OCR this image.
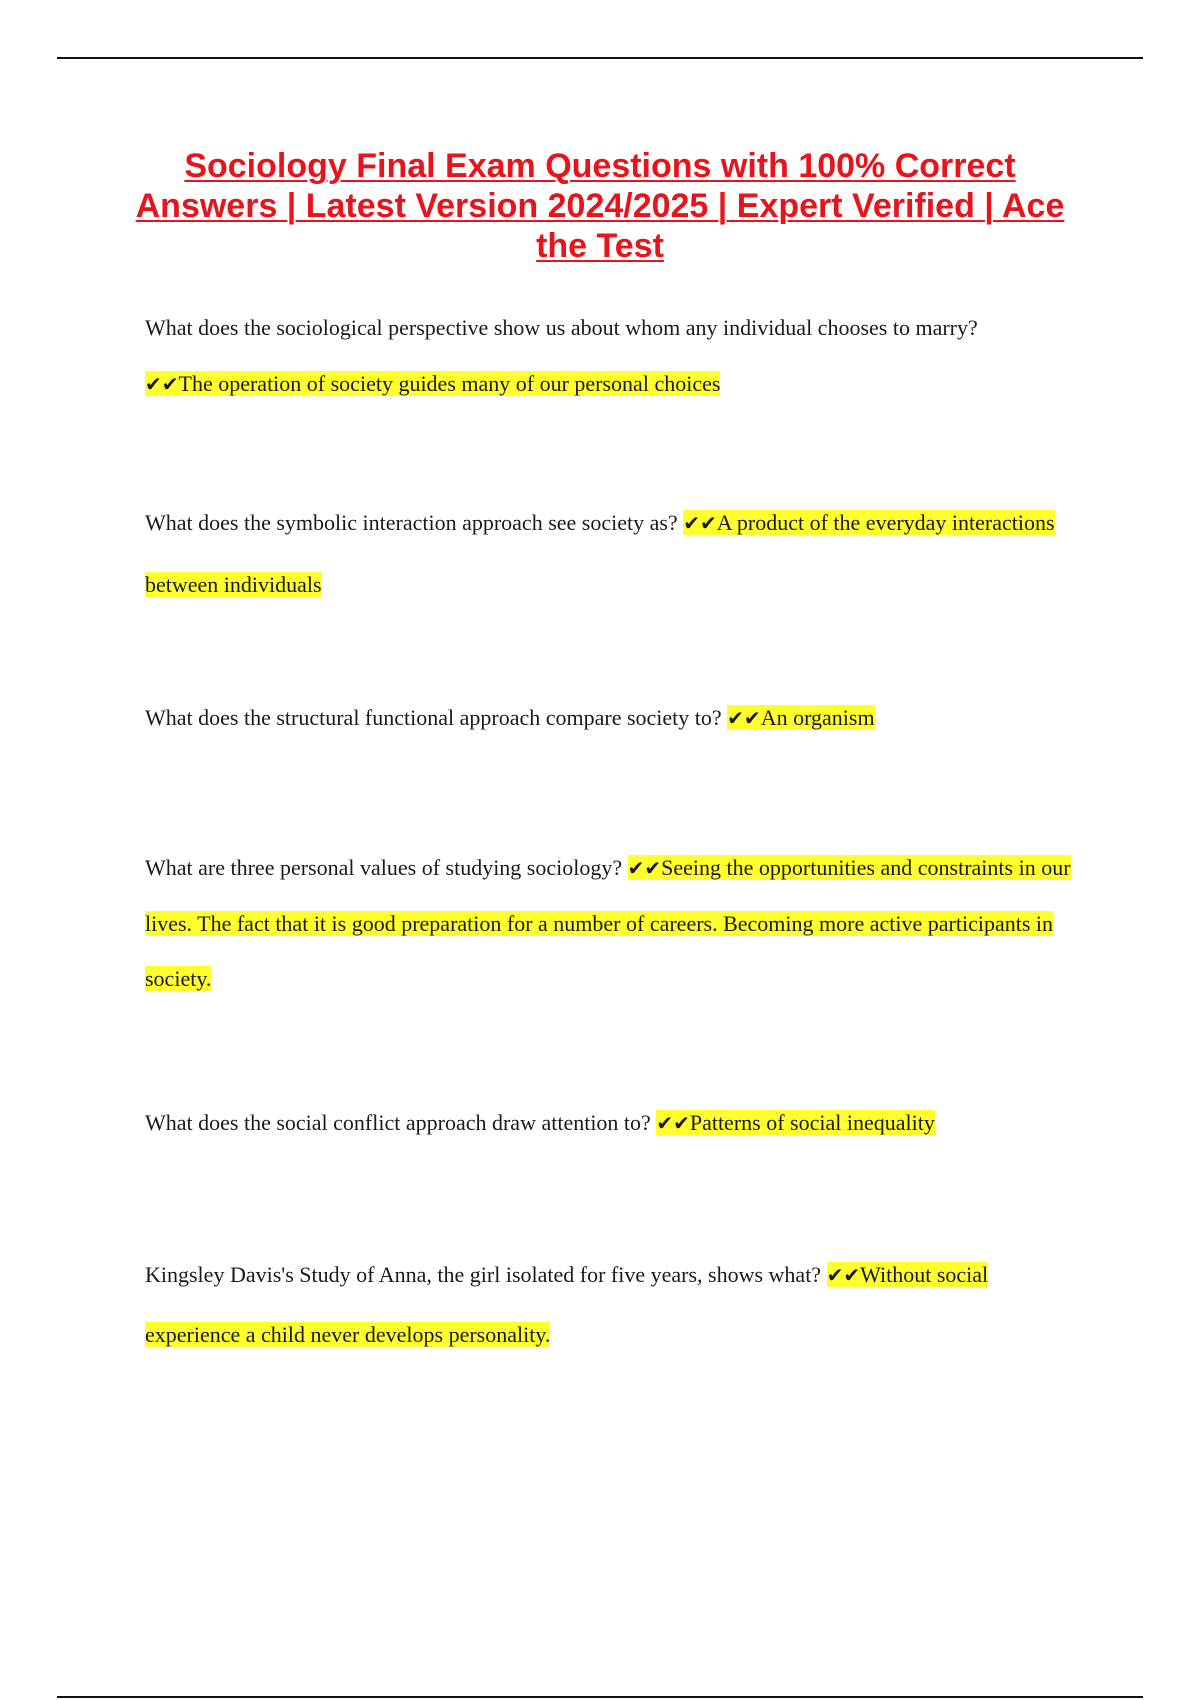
Sociology Final Exam Questions with 100% Correct Answers | Latest Version 2024/2025 | Expert Verified | Ace the Test

What does the sociological perspective show us about whom any individual chooses to marry?
✔✔The operation of society guides many of our personal choices

What does the symbolic interaction approach see society as? ✔✔A product of the everyday interactions between individuals

What does the structural functional approach compare society to? ✔✔An organism

What are three personal values of studying sociology? ✔✔Seeing the opportunities and constraints in our lives. The fact that it is good preparation for a number of careers. Becoming more active participants in society.

What does the social conflict approach draw attention to? ✔✔Patterns of social inequality

Kingsley Davis's Study of Anna, the girl isolated for five years, shows what? ✔✔Without social experience a child never develops personality.
